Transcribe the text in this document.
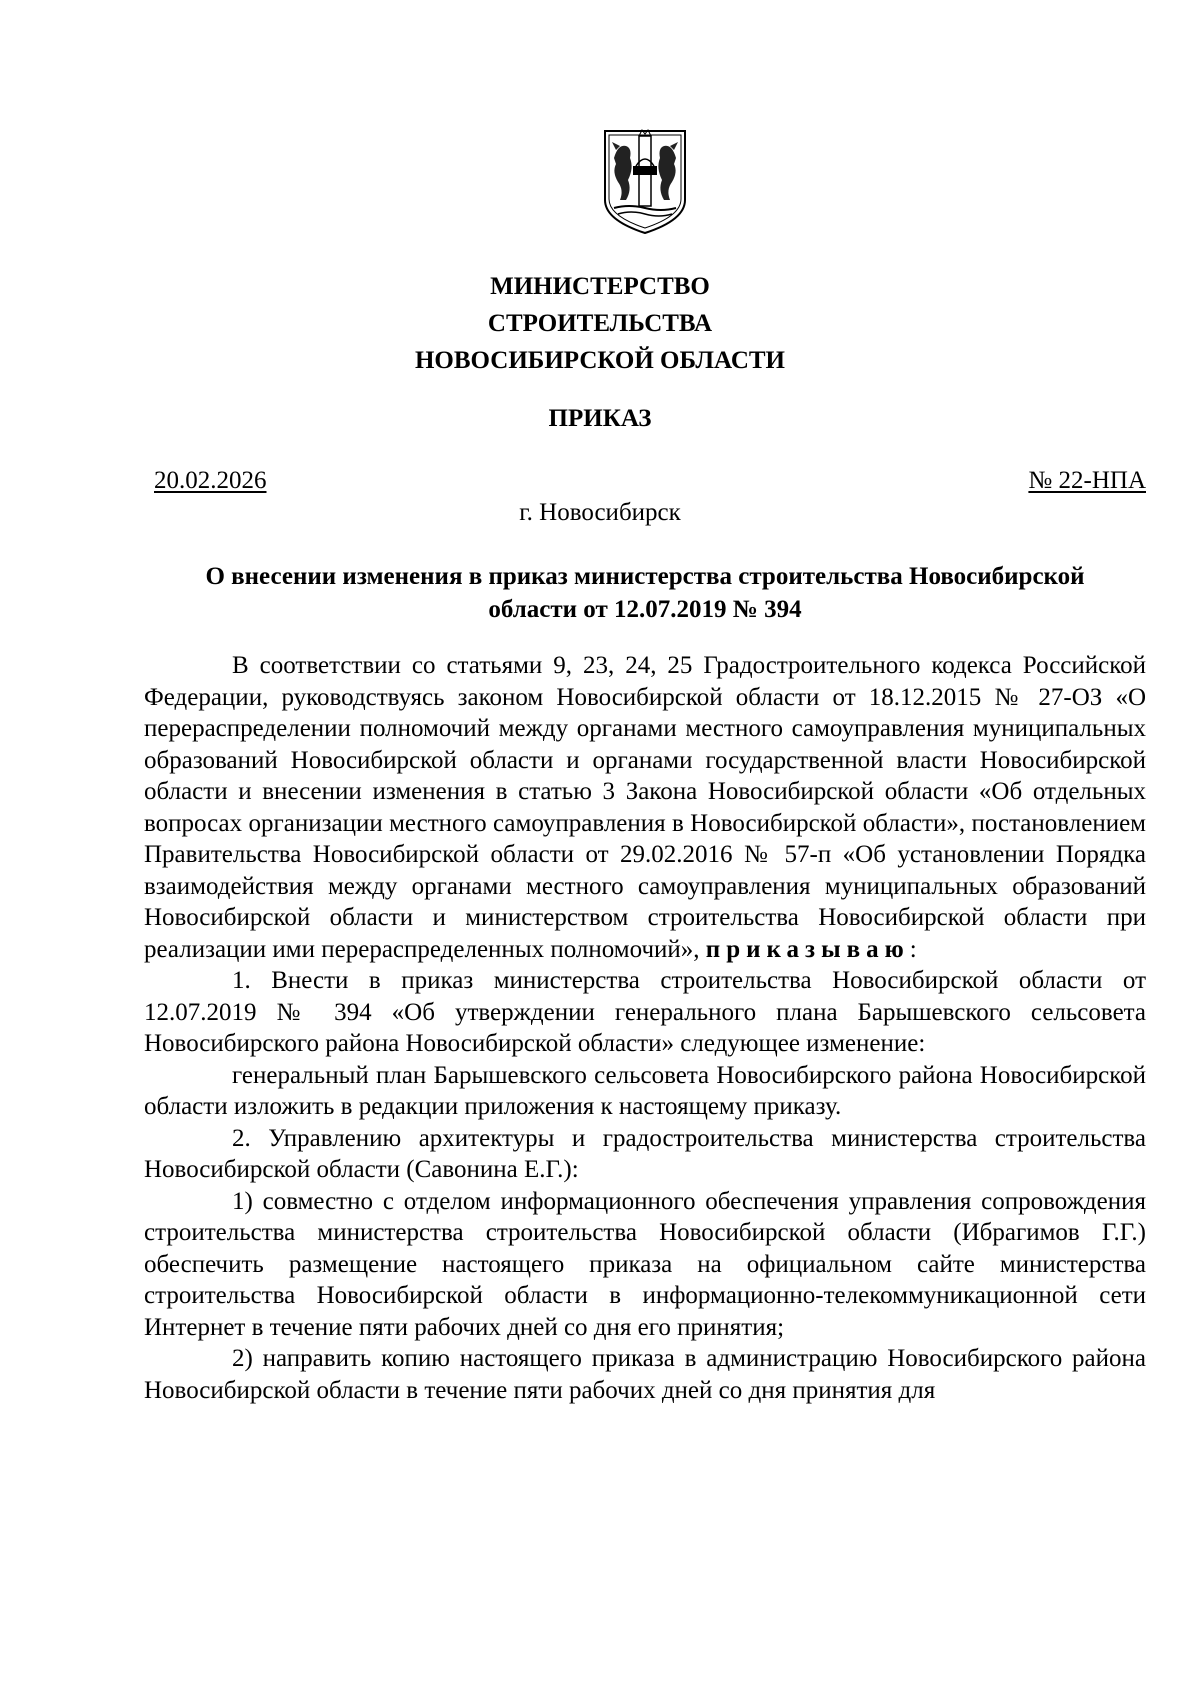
МИНИСТЕРСТВО
СТРОИТЕЛЬСТВА
НОВОСИБИРСКОЙ ОБЛАСТИ
ПРИКАЗ
20.02.2026	№ 22-НПА
г. Новосибирск
О внесении изменения в приказ министерства строительства Новосибирской
области от 12.07.2019 № 394

В соответствии со статьями 9, 23, 24, 25 Градостроительного кодекса Российской Федерации, руководствуясь законом Новосибирской области от 18.12.2015 № 27-ОЗ «О перераспределении полномочий между органами местного самоуправления муниципальных образований Новосибирской области и органами государственной власти Новосибирской области и внесении изменения в статью 3 Закона Новосибирской области «Об отдельных вопросах организации местного самоуправления в Новосибирской области», постановлением Правительства Новосибирской области от 29.02.2016 № 57-п «Об установлении Порядка взаимодействия между органами местного самоуправления муниципальных образований Новосибирской области и министерством строительства Новосибирской области при реализации ими перераспределенных полномочий», приказываю:

1. Внести в приказ министерства строительства Новосибирской области от 12.07.2019 № 394 «Об утверждении генерального плана Барышевского сельсовета Новосибирского района Новосибирской области» следующее изменение:

генеральный план Барышевского сельсовета Новосибирского района Новосибирской области изложить в редакции приложения к настоящему приказу.

2. Управлению архитектуры и градостроительства министерства строительства Новосибирской области (Савонина Е.Г.):

1) совместно с отделом информационного обеспечения управления сопровождения строительства министерства строительства Новосибирской области (Ибрагимов Г.Г.) обеспечить размещение настоящего приказа на официальном сайте министерства строительства Новосибирской области в информационно-телекоммуникационной сети Интернет в течение пяти рабочих дней со дня его принятия;

2) направить копию настоящего приказа в администрацию Новосибирского района Новосибирской области в течение пяти рабочих дней со дня принятия для
